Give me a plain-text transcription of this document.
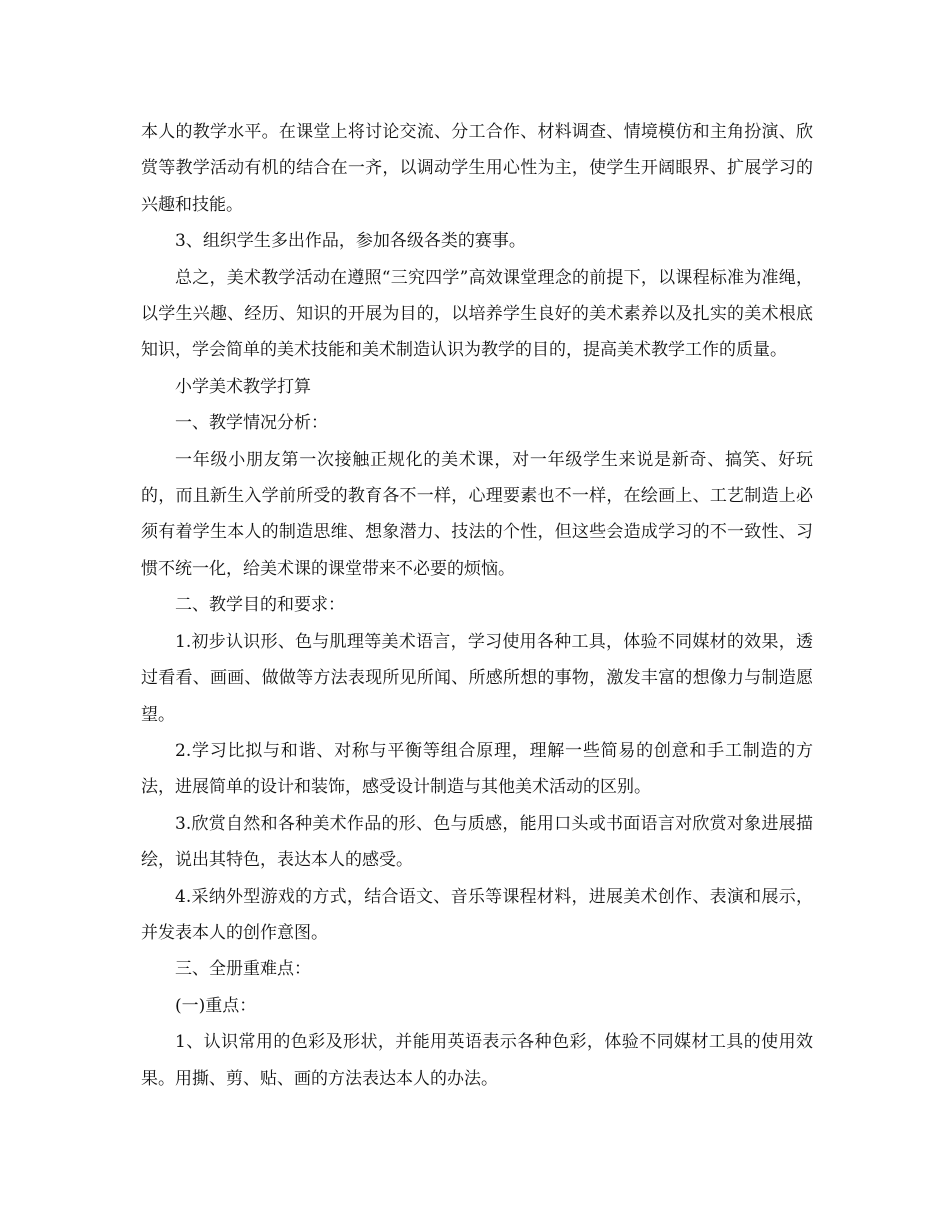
本人的教学水平。在课堂上将讨论交流、分工合作、材料调查、情境模仿和主角扮演、欣赏等教学活动有机的结合在一齐，以调动学生用心性为主，使学生开阔眼界、扩展学习的兴趣和技能。

3、组织学生多出作品，参加各级各类的赛事。

总之，美术教学活动在遵照“三究四学”高效课堂理念的前提下，以课程标准为准绳，以学生兴趣、经历、知识的开展为目的，以培养学生良好的美术素养以及扎实的美术根底知识，学会简单的美术技能和美术制造认识为教学的目的，提高美术教学工作的质量。

小学美术教学打算

一、教学情况分析：

一年级小朋友第一次接触正规化的美术课，对一年级学生来说是新奇、搞笑、好玩的，而且新生入学前所受的教育各不一样，心理要素也不一样，在绘画上、工艺制造上必须有着学生本人的制造思维、想象潜力、技法的个性，但这些会造成学习的不一致性、习惯不统一化，给美术课的课堂带来不必要的烦恼。

二、教学目的和要求：

1.初步认识形、色与肌理等美术语言，学习使用各种工具，体验不同媒材的效果，透过看看、画画、做做等方法表现所见所闻、所感所想的事物，激发丰富的想像力与制造愿望。

2.学习比拟与和谐、对称与平衡等组合原理，理解一些简易的创意和手工制造的方法，进展简单的设计和装饰，感受设计制造与其他美术活动的区别。

3.欣赏自然和各种美术作品的形、色与质感，能用口头或书面语言对欣赏对象进展描绘，说出其特色，表达本人的感受。

4.采纳外型游戏的方式，结合语文、音乐等课程材料，进展美术创作、表演和展示，并发表本人的创作意图。

三、全册重难点：

(一)重点：

1、认识常用的色彩及形状，并能用英语表示各种色彩，体验不同媒材工具的使用效果。用撕、剪、贴、画的方法表达本人的办法。
